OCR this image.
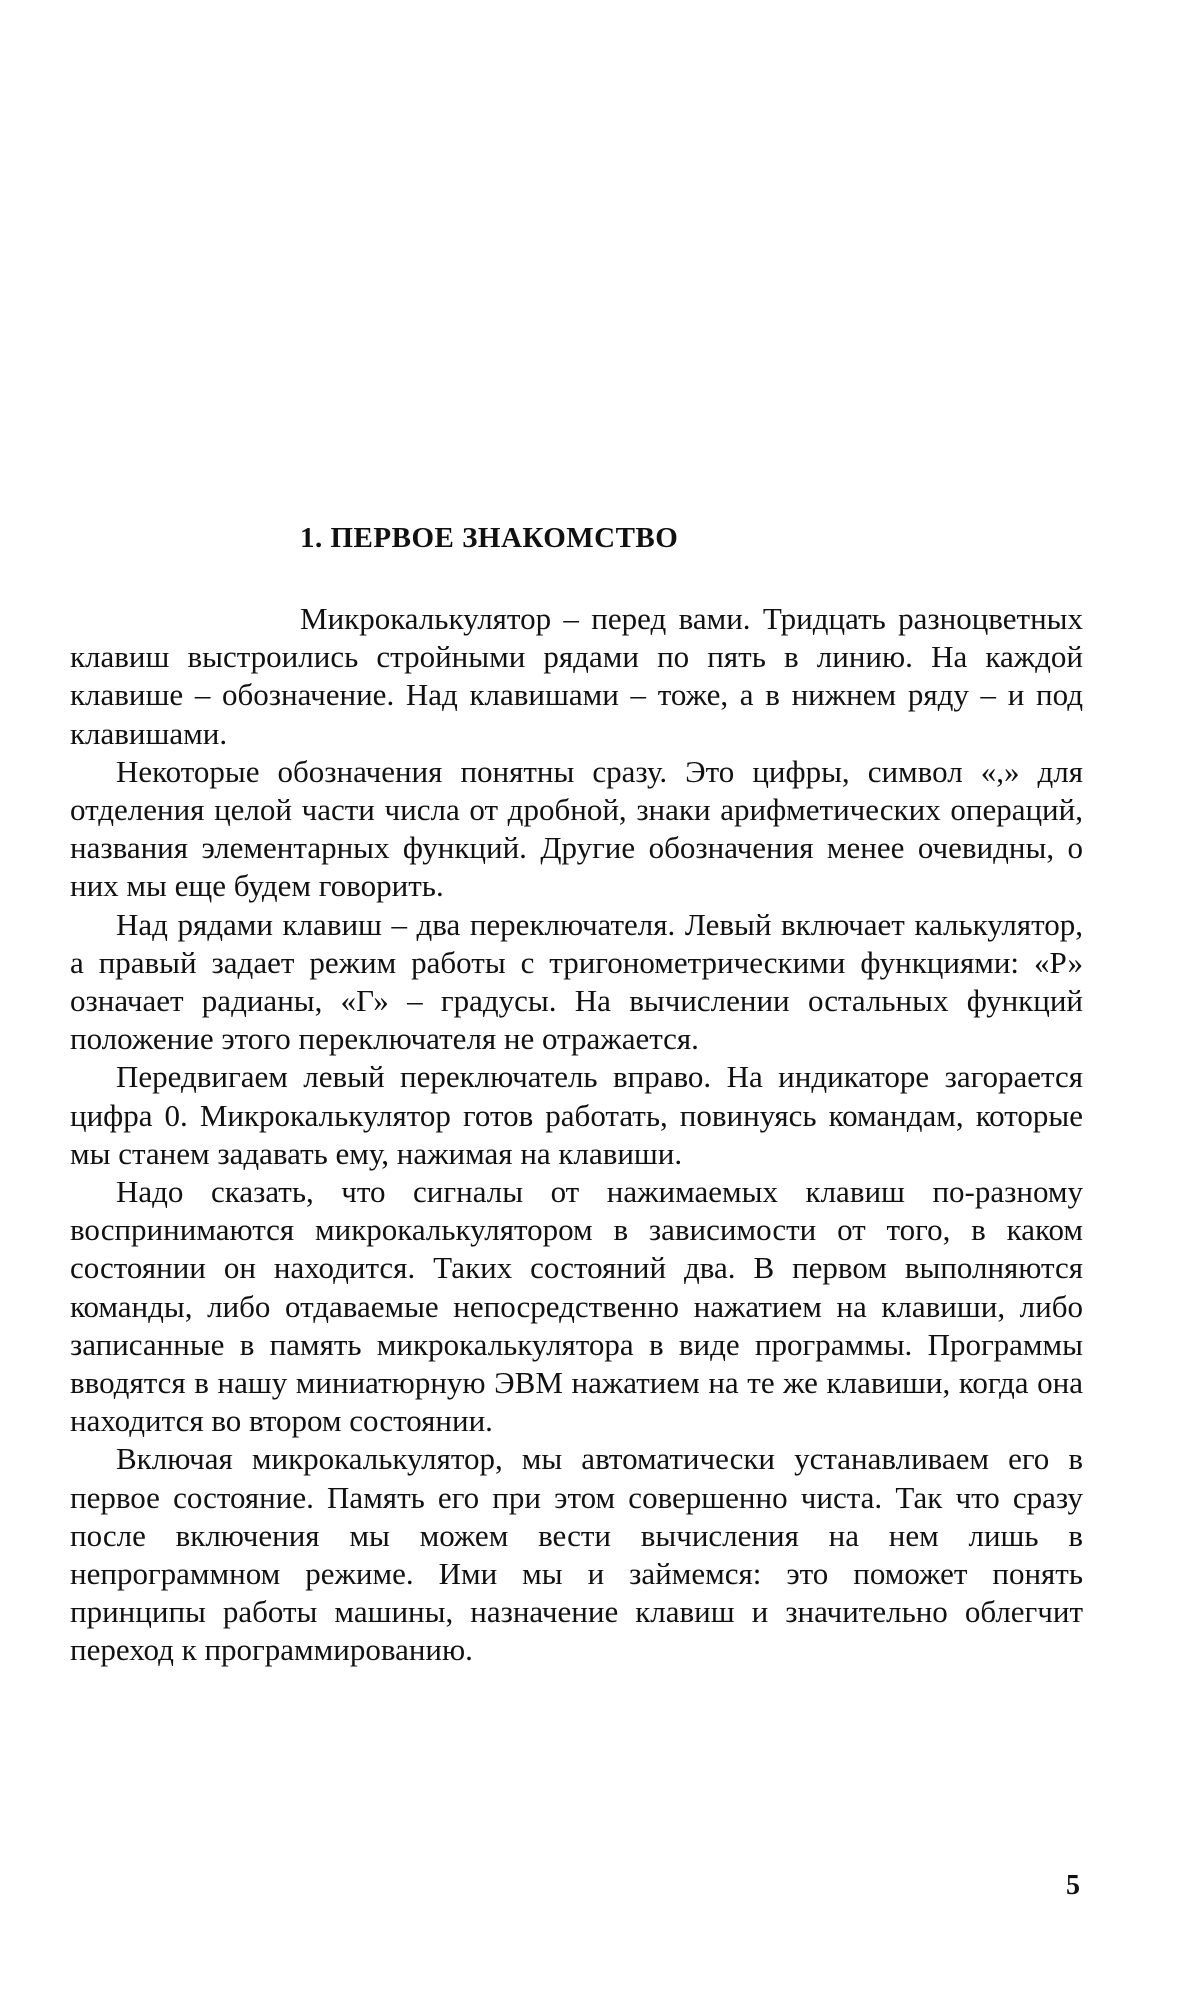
1. ПЕРВОЕ ЗНАКОМСТВО

Микрокалькулятор – перед вами. Тридцать разноцветных клавиш выстроились стройными рядами по пять в линию. На каждой клавише – обозначение. Над клавишами – тоже, а в нижнем ряду – и под клавишами.

Некоторые обозначения понятны сразу. Это цифры, символ «,» для отделения целой части числа от дробной, знаки арифметических операций, названия элементарных функций. Другие обозначения менее очевидны, о них мы еще будем говорить.

Над рядами клавиш – два переключателя. Левый включает калькулятор, а правый задает режим работы с тригонометрическими функциями: «Р» означает радианы, «Г» – градусы. На вычислении остальных функций положение этого переключателя не отражается.

Передвигаем левый переключатель вправо. На индикаторе загорается цифра 0. Микрокалькулятор готов работать, повинуясь командам, которые мы станем задавать ему, нажимая на клавиши.

Надо сказать, что сигналы от нажимаемых клавиш по-разному воспринимаются микрокалькулятором в зависимости от того, в каком состоянии он находится. Таких состояний два. В первом выполняются команды, либо отдаваемые непосредственно нажатием на клавиши, либо записанные в память микрокалькулятора в виде программы. Программы вводятся в нашу миниатюрную ЭВМ нажатием на те же клавиши, когда она находится во втором состоянии.

Включая микрокалькулятор, мы автоматически устанавливаем его в первое состояние. Память его при этом совершенно чиста. Так что сразу после включения мы можем вести вычисления на нем лишь в непрограммном режиме. Ими мы и займемся: это поможет понять принципы работы машины, назначение клавиш и значительно облегчит переход к программированию.

5
